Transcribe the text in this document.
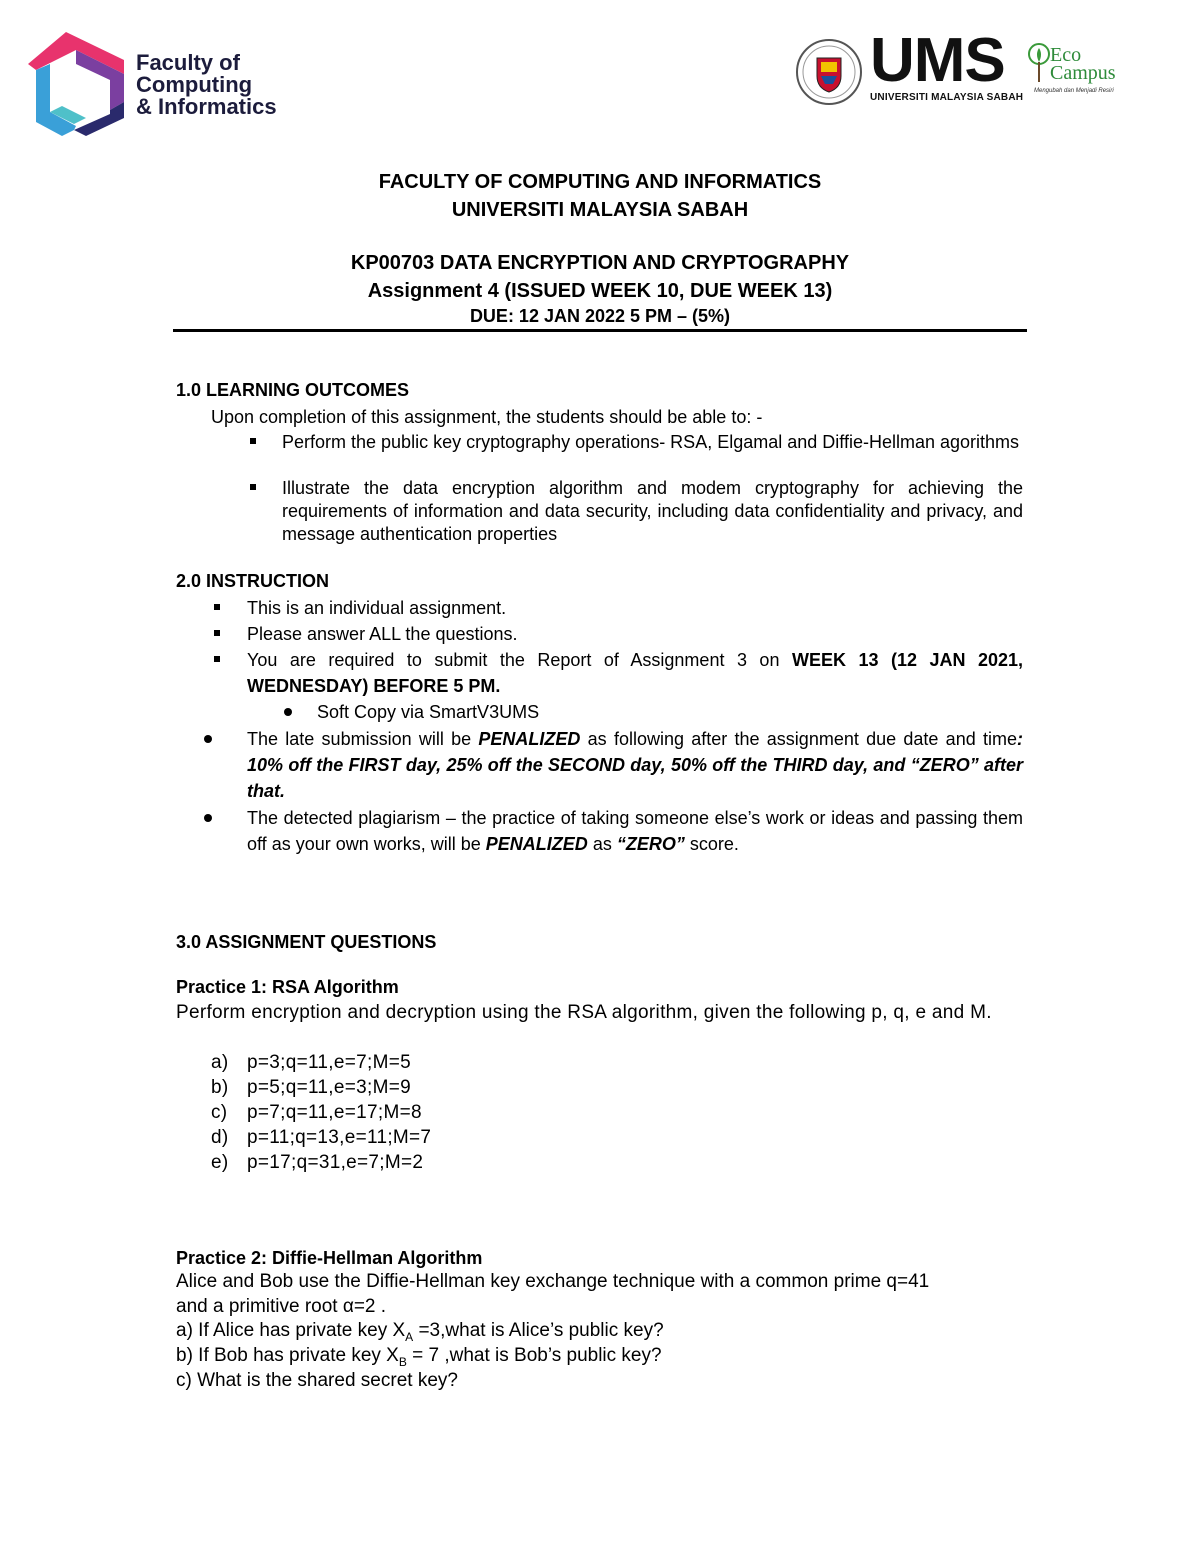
Faculty of
Computing
& Informatics
UMS
UNIVERSITI MALAYSIA SABAH
Eco
Campus
Mengubah dan Menjadi Resiri
FACULTY OF COMPUTING AND INFORMATICS
UNIVERSITI MALAYSIA SABAH
KP00703 DATA ENCRYPTION AND CRYPTOGRAPHY
Assignment 4 (ISSUED WEEK 10, DUE WEEK 13)
DUE: 12 JAN 2022 5 PM – (5%)
1.0 LEARNING OUTCOMES
Upon completion of this assignment, the students should be able to: -
Perform the public key cryptography operations- RSA, Elgamal and Diffie-Hellman agorithms
Illustrate the data encryption algorithm and modem cryptography for achieving the requirements of information and data security, including data confidentiality and privacy, and message authentication properties
2.0 INSTRUCTION
This is an individual assignment.
Please answer ALL the questions.
You are required to submit the Report of Assignment 3 on WEEK 13 (12 JAN 2021, WEDNESDAY) BEFORE 5 PM.
Soft Copy via SmartV3UMS
The late submission will be PENALIZED as following after the assignment due date and time: 10% off the FIRST day, 25% off the SECOND day, 50% off the THIRD day, and “ZERO” after that.
The detected plagiarism – the practice of taking someone else’s work or ideas and passing them off as your own works, will be PENALIZED as “ZERO” score.
3.0 ASSIGNMENT QUESTIONS
Practice 1: RSA Algorithm
Perform encryption and decryption using the RSA algorithm, given the following p, q, e and M.
a) p=3;q=11,e=7;M=5
b) p=5;q=11,e=3;M=9
c) p=7;q=11,e=17;M=8
d) p=11;q=13,e=11;M=7
e) p=17;q=31,e=7;M=2
Practice 2: Diffie-Hellman Algorithm
Alice and Bob use the Diffie-Hellman key exchange technique with a common prime q=41
and a primitive root α=2 .
a) If Alice has private key $X_A$ =3,what is Alice’s public key?
b) If Bob has private key $X_B = 7$ ,what is Bob’s public key?
c) What is the shared secret key?
